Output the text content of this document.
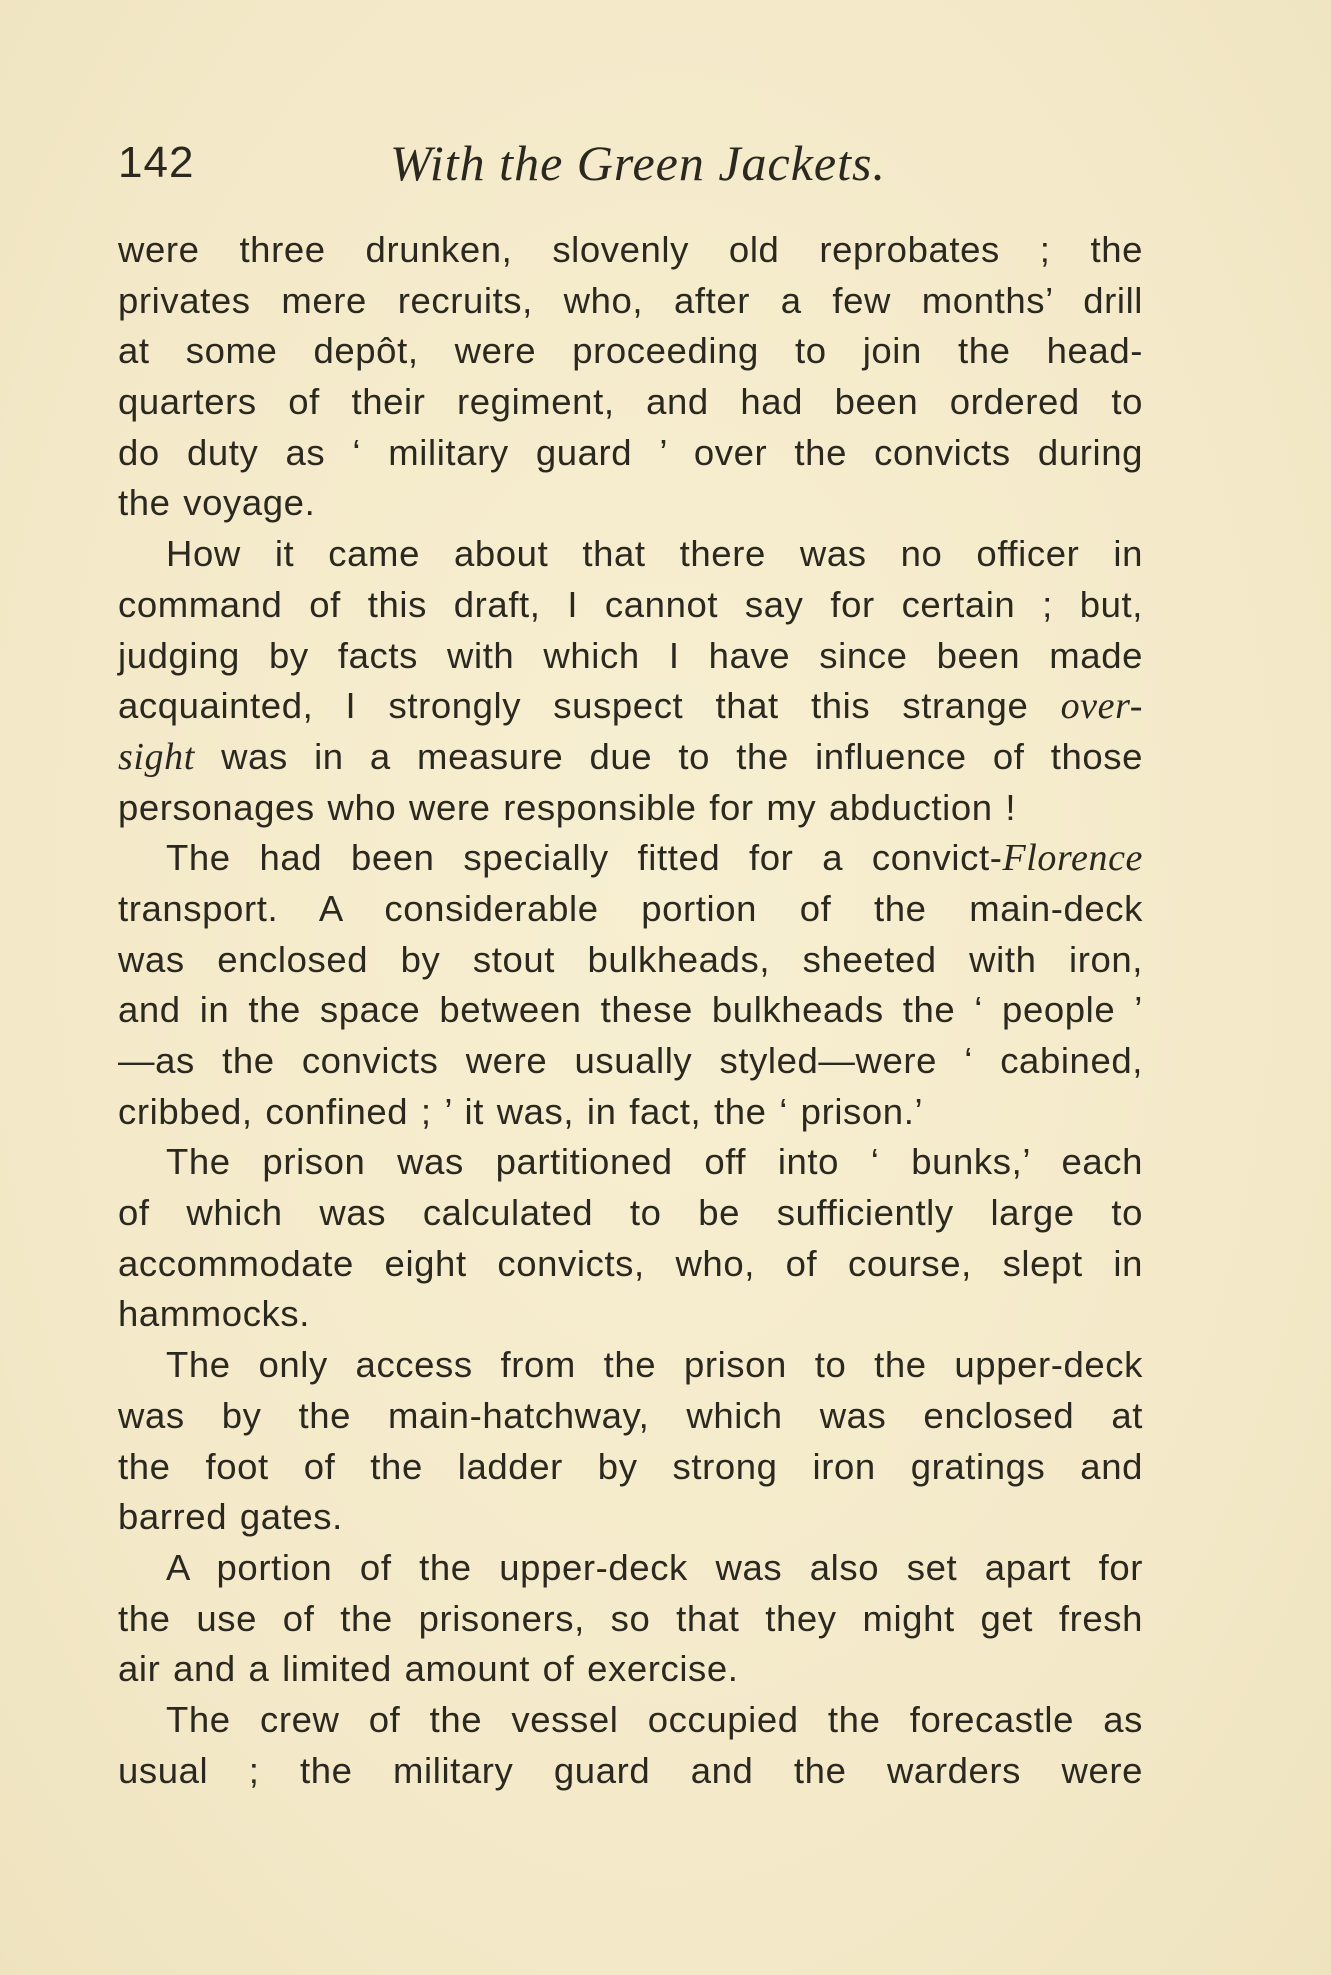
142	With the Green Jackets.
were three drunken, slovenly old reprobates ; the
privates mere recruits, who, after a few months’ drill
at some depôt, were proceeding to join the head-
quarters of their regiment, and had been ordered to
do duty as ‘ military guard ’ over the convicts during
the voyage.
How it came about that there was no officer in
command of this draft, I cannot say for certain ; but,
judging by facts with which I have since been made
acquainted, I strongly suspect that this strange over-
sight was in a measure due to the influence of those
personages who were responsible for my abduction !
The had been specially fitted for a convict-Florence
transport. A considerable portion of the main-deck
was enclosed by stout bulkheads, sheeted with iron,
and in the space between these bulkheads the ‘ people ’
—as the convicts were usually styled—were ‘ cabined,
cribbed, confined ; ’ it was, in fact, the ‘ prison.’
The prison was partitioned off into ‘ bunks,’ each
of which was calculated to be sufficiently large to
accommodate eight convicts, who, of course, slept in
hammocks.
The only access from the prison to the upper-deck
was by the main-hatchway, which was enclosed at
the foot of the ladder by strong iron gratings and
barred gates.
A portion of the upper-deck was also set apart for
the use of the prisoners, so that they might get fresh
air and a limited amount of exercise.
The crew of the vessel occupied the forecastle as
usual ; the military guard and the warders were
